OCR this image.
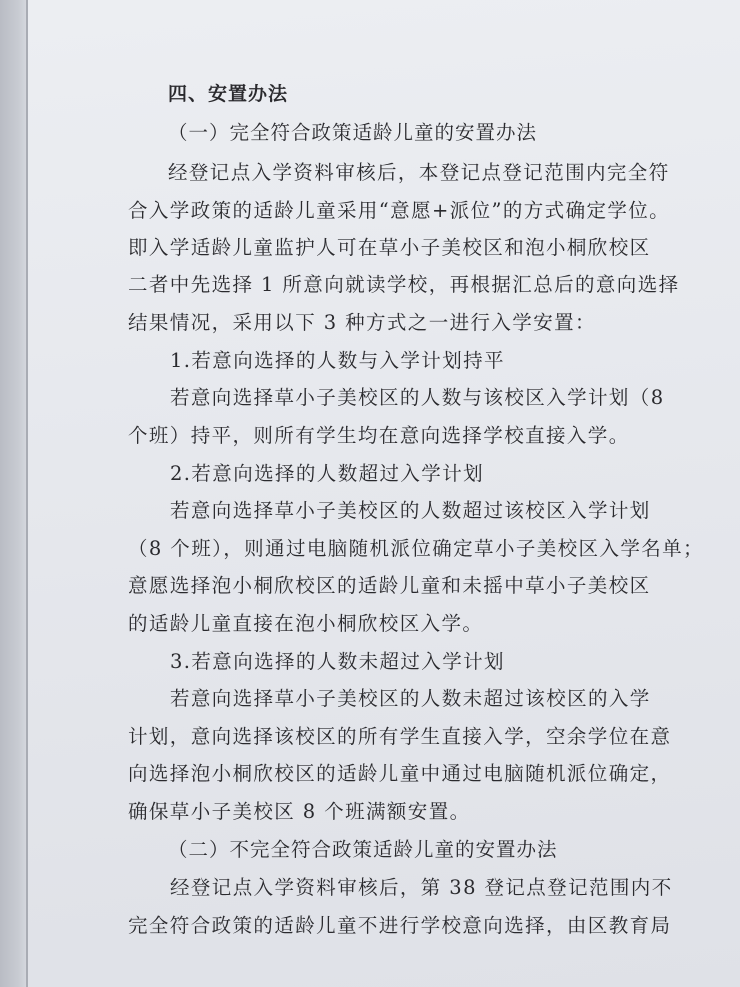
四、安置办法
（一）完全符合政策适龄儿童的安置办法
经登记点入学资料审核后，本登记点登记范围内完全符
合入学政策的适龄儿童采用“意愿+派位”的方式确定学位。
即入学适龄儿童监护人可在草小子美校区和泡小桐欣校区
二者中先选择 1 所意向就读学校，再根据汇总后的意向选择
结果情况，采用以下 3 种方式之一进行入学安置：
1.若意向选择的人数与入学计划持平
若意向选择草小子美校区的人数与该校区入学计划（8
个班）持平，则所有学生均在意向选择学校直接入学。
2.若意向选择的人数超过入学计划
若意向选择草小子美校区的人数超过该校区入学计划
（8 个班），则通过电脑随机派位确定草小子美校区入学名单；
意愿选择泡小桐欣校区的适龄儿童和未摇中草小子美校区
的适龄儿童直接在泡小桐欣校区入学。
3.若意向选择的人数未超过入学计划
若意向选择草小子美校区的人数未超过该校区的入学
计划，意向选择该校区的所有学生直接入学，空余学位在意
向选择泡小桐欣校区的适龄儿童中通过电脑随机派位确定，
确保草小子美校区 8 个班满额安置。
（二）不完全符合政策适龄儿童的安置办法
经登记点入学资料审核后，第 38 登记点登记范围内不
完全符合政策的适龄儿童不进行学校意向选择，由区教育局
